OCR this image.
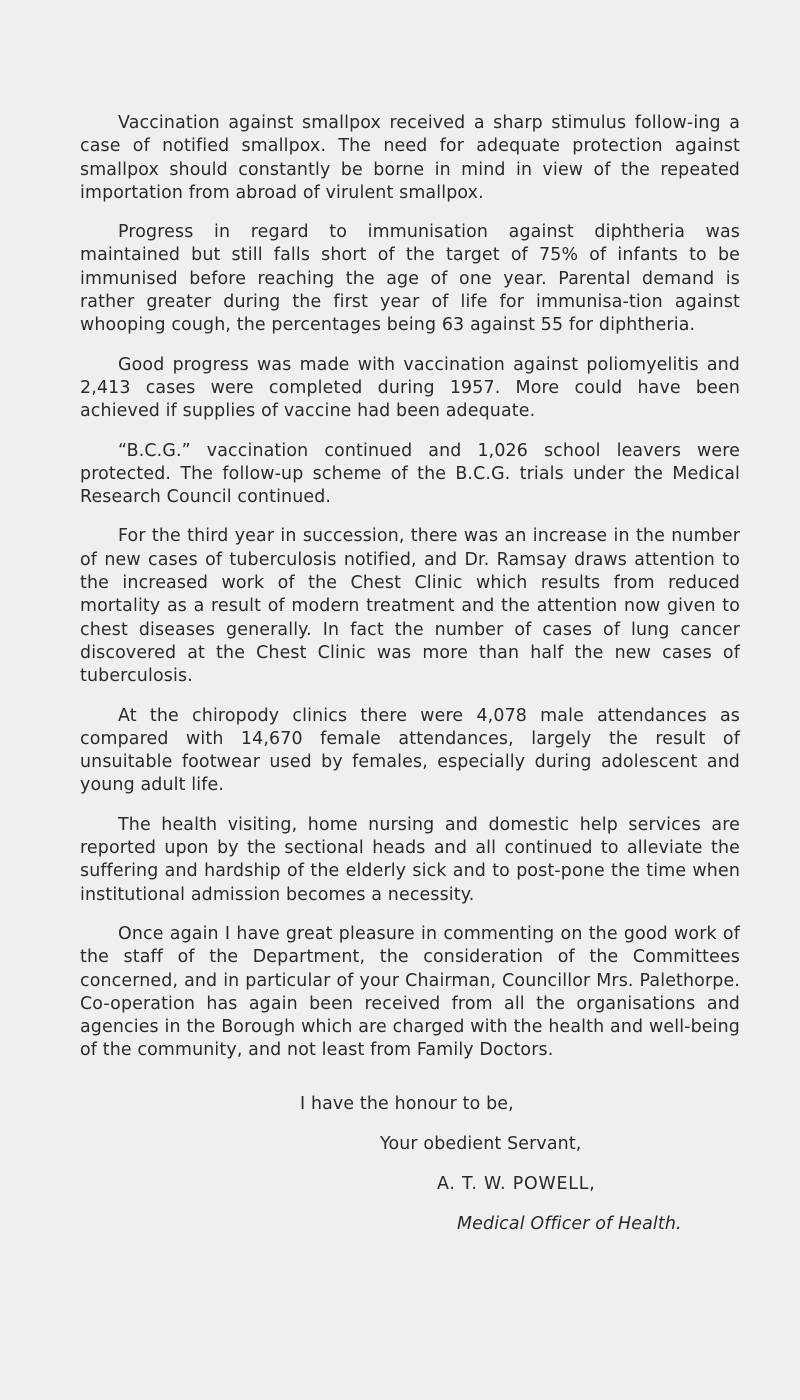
Vaccination against smallpox received a sharp stimulus follow-ing a case of notified smallpox. The need for adequate protection against smallpox should constantly be borne in mind in view of the repeated importation from abroad of virulent smallpox.

Progress in regard to immunisation against diphtheria was maintained but still falls short of the target of 75% of infants to be immunised before reaching the age of one year. Parental demand is rather greater during the first year of life for immunisa-tion against whooping cough, the percentages being 63 against 55 for diphtheria.

Good progress was made with vaccination against poliomyelitis and 2,413 cases were completed during 1957. More could have been achieved if supplies of vaccine had been adequate.

“B.C.G.” vaccination continued and 1,026 school leavers were protected. The follow-up scheme of the B.C.G. trials under the Medical Research Council continued.

For the third year in succession, there was an increase in the number of new cases of tuberculosis notified, and Dr. Ramsay draws attention to the increased work of the Chest Clinic which results from reduced mortality as a result of modern treatment and the attention now given to chest diseases generally. In fact the number of cases of lung cancer discovered at the Chest Clinic was more than half the new cases of tuberculosis.

At the chiropody clinics there were 4,078 male attendances as compared with 14,670 female attendances, largely the result of unsuitable footwear used by females, especially during adolescent and young adult life.

The health visiting, home nursing and domestic help services are reported upon by the sectional heads and all continued to alleviate the suffering and hardship of the elderly sick and to post-pone the time when institutional admission becomes a necessity.

Once again I have great pleasure in commenting on the good work of the staff of the Department, the consideration of the Committees concerned, and in particular of your Chairman, Councillor Mrs. Palethorpe. Co-operation has again been received from all the organisations and agencies in the Borough which are charged with the health and well-being of the community, and not least from Family Doctors.

I have the honour to be,
Your obedient Servant,
A. T. W. POWELL,
Medical Officer of Health.
